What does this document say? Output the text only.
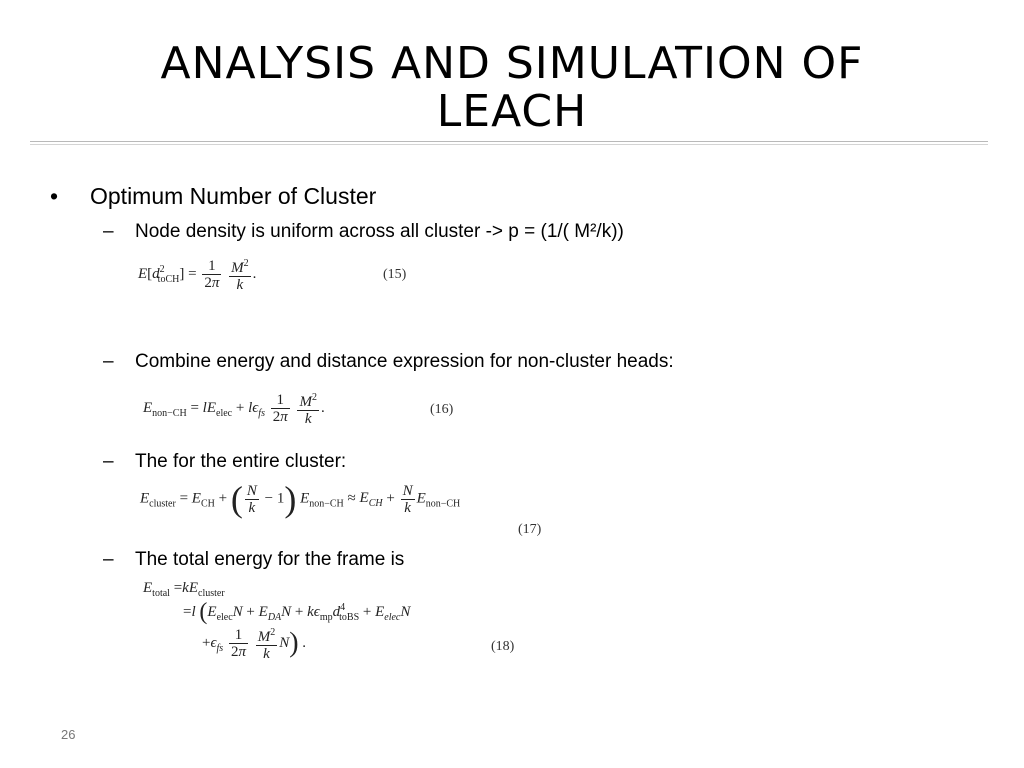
ANALYSIS AND SIMULATION OF
LEACH
• Optimum Number of Cluster
– Node density is uniform across all cluster -> p = (1/( M²/k))
$E[d^2_{toCH}] = \frac{1}{2\pi}$
$\frac{M^2}{k}$ .	(15)
– Combine energy and distance expression for non-cluster heads:
$E_{non-CH} = lE_{elec} + l\epsilon_{fs} \frac{1}{2\pi}$
$\frac{M^2}{k}$ .	(16)
– The for the entire cluster:
$E_{cluster} = E_{CH}$ + ( $\frac{N}{k} - 1$) $E_{non-CH} \approx E_{CH} + \frac{N}{k} E_{non-CH}$
(17)
– The total energy for the frame is
$E_{total} =kE_{cluster}$
=l ($E_{elec}N + E_{DA}N + k\epsilon_{mp}d^4_{toBS} + E_{elec}N$
$+\epsilon_{fs} \frac{1}{2\pi}$
$\frac{M^2}{k} N$) .	(18)
26
